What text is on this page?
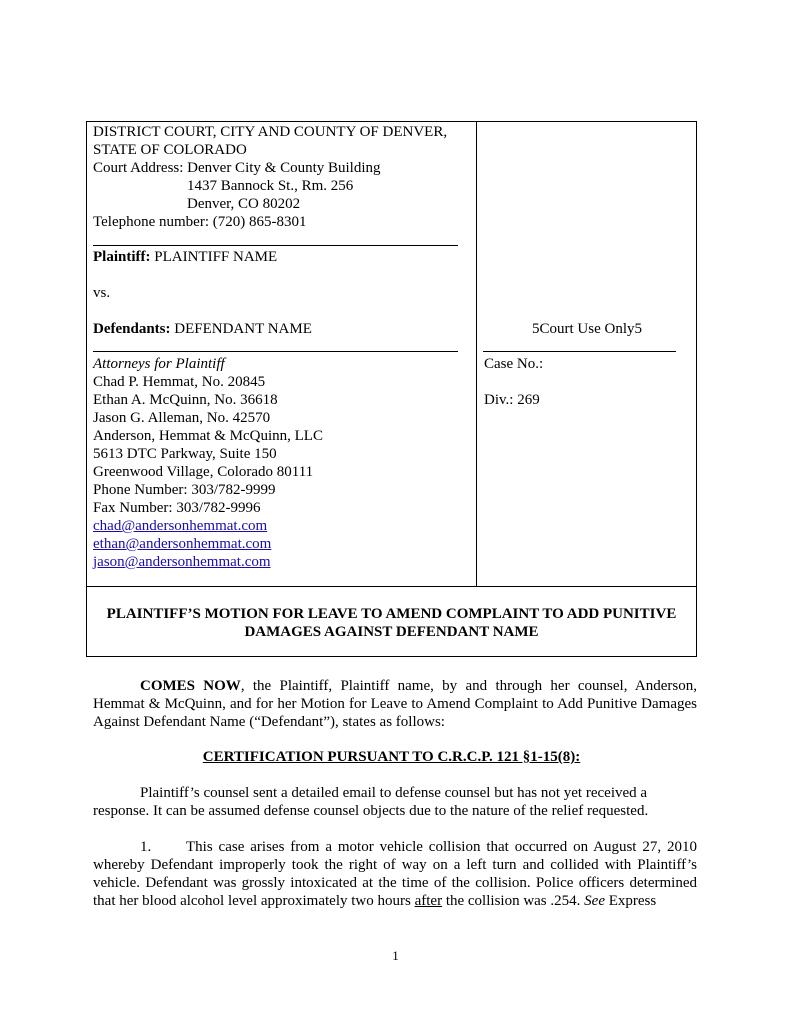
DISTRICT COURT, CITY AND COUNTY OF DENVER,
STATE OF COLORADO
Court Address: Denver City & County Building
1437 Bannock St., Rm. 256
Denver, CO 80202
Telephone number: (720) 865-8301
Plaintiff: PLAINTIFF NAME
vs.
Defendants: DEFENDANT NAME
Attorneys for Plaintiff
Chad P. Hemmat, No. 20845
Ethan A. McQuinn, No. 36618
Jason G. Alleman, No. 42570
Anderson, Hemmat & McQuinn, LLC
5613 DTC Parkway, Suite 150
Greenwood Village, Colorado 80111
Phone Number: 303/782-9999
Fax Number: 303/782-9996
chad@andersonhemmat.com
ethan@andersonhemmat.com
jason@andersonhemmat.com
5Court Use Only5
Case No.:
Div.: 269
PLAINTIFF’S MOTION FOR LEAVE TO AMEND COMPLAINT TO ADD PUNITIVE
DAMAGES AGAINST DEFENDANT NAME
COMES NOW, the Plaintiff, Plaintiff name, by and through her counsel, Anderson, Hemmat & McQuinn, and for her Motion for Leave to Amend Complaint to Add Punitive Damages Against Defendant Name (“Defendant”), states as follows:
CERTIFICATION PURSUANT TO C.R.C.P. 121 §1-15(8):
Plaintiff’s counsel sent a detailed email to defense counsel but has not yet received a
response. It can be assumed defense counsel objects due to the nature of the relief requested.
1.	This case arises from a motor vehicle collision that occurred on August 27, 2010 whereby Defendant improperly took the right of way on a left turn and collided with Plaintiff’s vehicle. Defendant was grossly intoxicated at the time of the collision. Police officers determined that her blood alcohol level approximately two hours after the collision was .254. See Express
1
